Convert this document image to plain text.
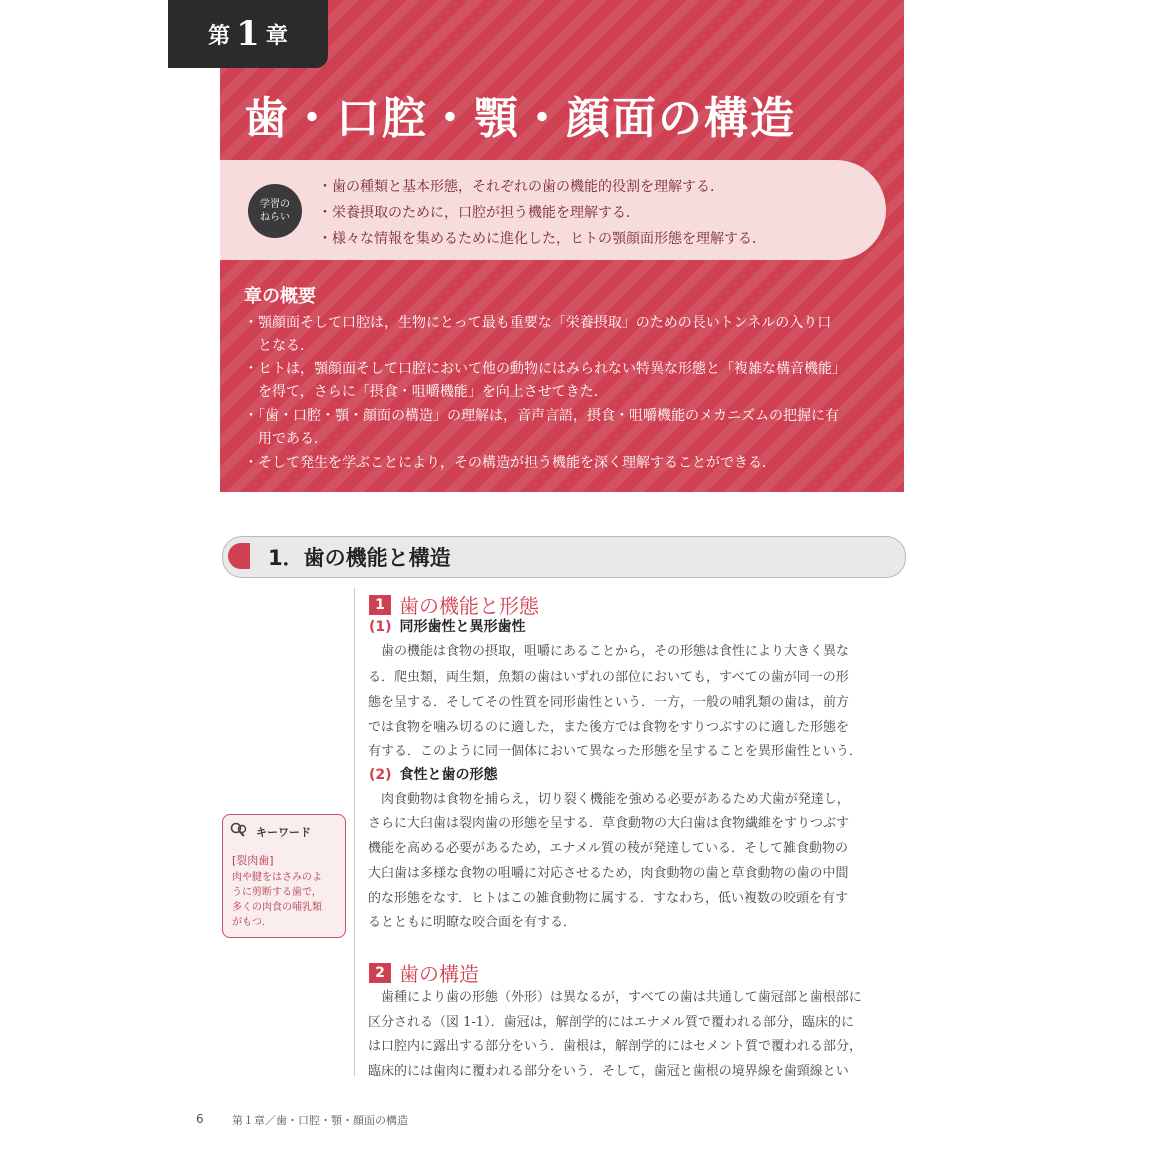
第 1 章
歯・口腔・顎・顔面の構造
学習の
ねらい
・歯の種類と基本形態，それぞれの歯の機能的役割を理解する．
・栄養摂取のために，口腔が担う機能を理解する．
・様々な情報を集めるために進化した，ヒトの顎顔面形態を理解する．
章の概要
・顎顔面そして口腔は，生物にとって最も重要な「栄養摂取」のための長いトンネルの入り口
　となる．
・ヒトは，顎顔面そして口腔において他の動物にはみられない特異な形態と「複雑な構音機能」
　を得て，さらに「摂食・咀嚼機能」を向上させてきた．
・「歯・口腔・顎・顔面の構造」の理解は，音声言語，摂食・咀嚼機能のメカニズムの把握に有
　用である．
・そして発生を学ぶことにより，その構造が担う機能を深く理解することができる．
1．歯の機能と構造
1 歯の機能と形態
(1) 同形歯性と異形歯性
　歯の機能は食物の摂取，咀嚼にあることから，その形態は食性により大きく異な
る．爬虫類，両生類，魚類の歯はいずれの部位においても，すべての歯が同一の形
態を呈する．そしてその性質を同形歯性という．一方，一般の哺乳類の歯は，前方
では食物を噛み切るのに適した，また後方では食物をすりつぶすのに適した形態を
有する．このように同一個体において異なった形態を呈することを異形歯性という．
(2) 食性と歯の形態
　肉食動物は食物を捕らえ，切り裂く機能を強める必要があるため犬歯が発達し，
さらに大臼歯は裂肉歯の形態を呈する．草食動物の大臼歯は食物繊維をすりつぶす
機能を高める必要があるため，エナメル質の稜が発達している．そして雑食動物の
大臼歯は多様な食物の咀嚼に対応させるため，肉食動物の歯と草食動物の歯の中間
的な形態をなす．ヒトはこの雑食動物に属する．すなわち，低い複数の咬頭を有す
るとともに明瞭な咬合面を有する．
キーワード
[裂肉歯]
肉や腱をはさみのよ
うに剪断する歯で，
多くの肉食の哺乳類
がもつ．
2 歯の構造
　歯種により歯の形態（外形）は異なるが，すべての歯は共通して歯冠部と歯根部に
区分される（図 1-1）．歯冠は，解剖学的にはエナメル質で覆われる部分，臨床的に
は口腔内に露出する部分をいう．歯根は，解剖学的にはセメント質で覆われる部分，
臨床的には歯肉に覆われる部分をいう．そして，歯冠と歯根の境界線を歯頸線とい
6	第１章／歯・口腔・顎・顔面の構造
